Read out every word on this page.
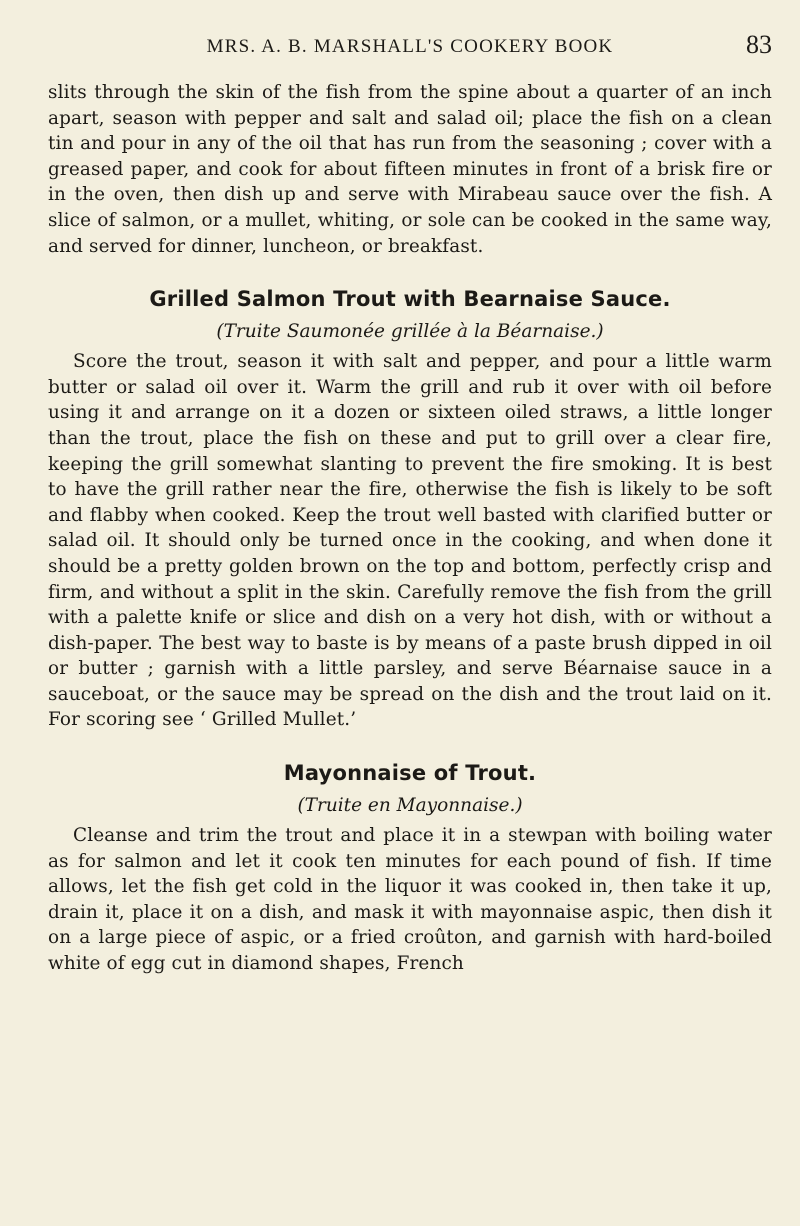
MRS. A. B. MARSHALL'S COOKERY BOOK	83

slits through the skin of the fish from the spine about a quarter of an inch apart, season with pepper and salt and salad oil; place the fish on a clean tin and pour in any of the oil that has run from the seasoning ; cover with a greased paper, and cook for about fifteen minutes in front of a brisk fire or in the oven, then dish up and serve with Mirabeau sauce over the fish. A slice of salmon, or a mullet, whiting, or sole can be cooked in the same way, and served for dinner, luncheon, or breakfast.

Grilled Salmon Trout with Bearnaise Sauce.
(Truite Saumonée grillée à la Béarnaise.)

Score the trout, season it with salt and pepper, and pour a little warm butter or salad oil over it. Warm the grill and rub it over with oil before using it and arrange on it a dozen or sixteen oiled straws, a little longer than the trout, place the fish on these and put to grill over a clear fire, keeping the grill somewhat slanting to prevent the fire smoking. It is best to have the grill rather near the fire, otherwise the fish is likely to be soft and flabby when cooked. Keep the trout well basted with clarified butter or salad oil. It should only be turned once in the cooking, and when done it should be a pretty golden brown on the top and bottom, perfectly crisp and firm, and without a split in the skin. Carefully remove the fish from the grill with a palette knife or slice and dish on a very hot dish, with or without a dish-paper. The best way to baste is by means of a paste brush dipped in oil or butter ; garnish with a little parsley, and serve Béarnaise sauce in a sauceboat, or the sauce may be spread on the dish and the trout laid on it. For scoring see ‘ Grilled Mullet.’

Mayonnaise of Trout.
(Truite en Mayonnaise.)

Cleanse and trim the trout and place it in a stewpan with boiling water as for salmon and let it cook ten minutes for each pound of fish. If time allows, let the fish get cold in the liquor it was cooked in, then take it up, drain it, place it on a dish, and mask it with mayonnaise aspic, then dish it on a large piece of aspic, or a fried croûton, and garnish with hard-boiled white of egg cut in diamond shapes, French
